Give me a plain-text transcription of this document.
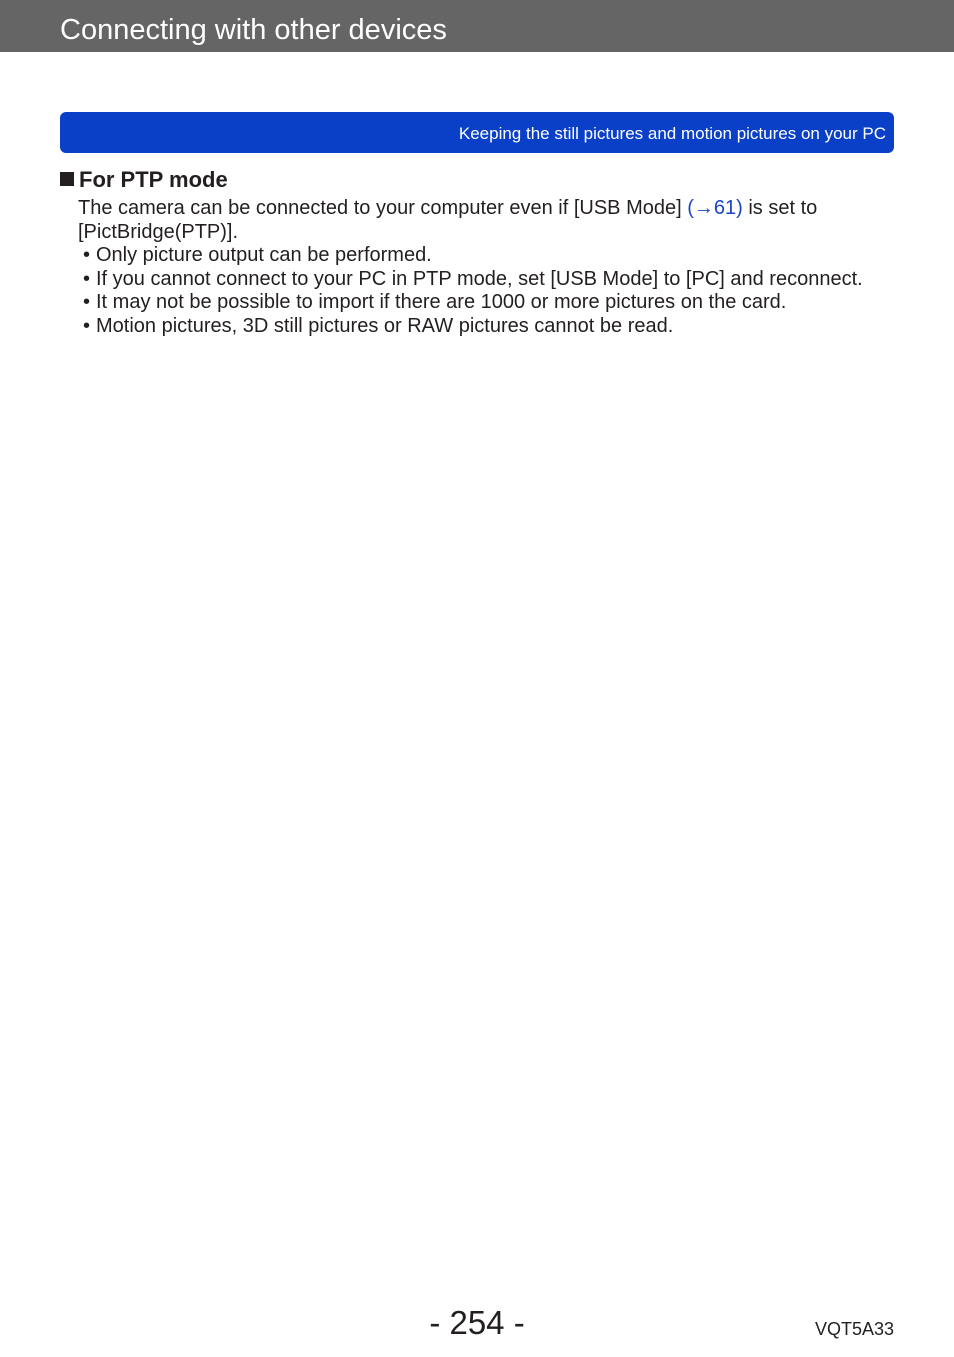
Connecting with other devices
Keeping the still pictures and motion pictures on your PC
For PTP mode

The camera can be connected to your computer even if [USB Mode] (→61) is set to [PictBridge(PTP)].

• Only picture output can be performed.
• If you cannot connect to your PC in PTP mode, set [USB Mode] to [PC] and reconnect.
• It may not be possible to import if there are 1000 or more pictures on the card.
• Motion pictures, 3D still pictures or RAW pictures cannot be read.
- 254 -	VQT5A33
